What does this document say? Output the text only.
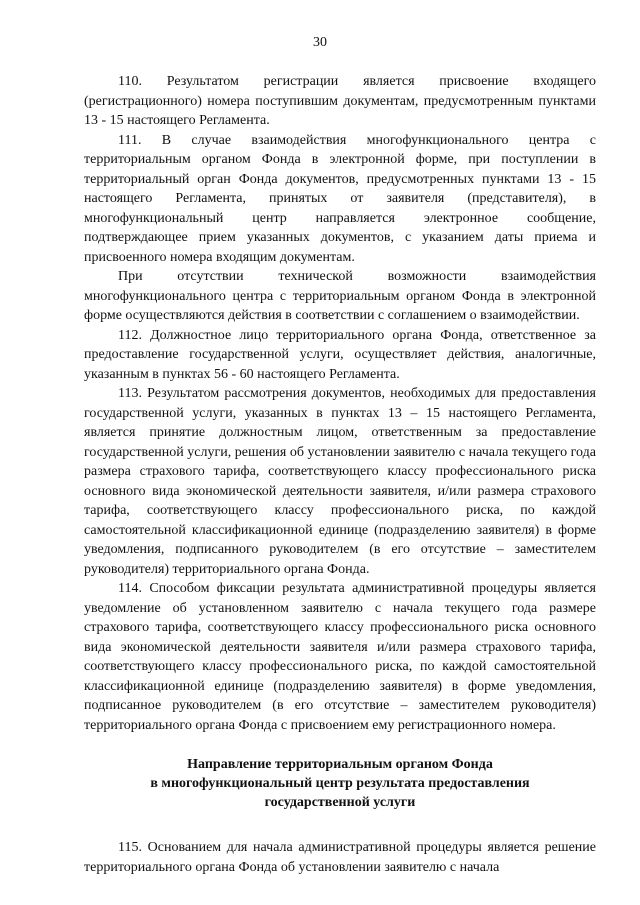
30

110. Результатом регистрации является присвоение входящего (регистрационного) номера поступившим документам, предусмотренным пунктами 13 - 15 настоящего Регламента.

111. В случае взаимодействия многофункционального центра с территориальным органом Фонда в электронной форме, при поступлении в территориальный орган Фонда документов, предусмотренных пунктами 13 - 15 настоящего Регламента, принятых от заявителя (представителя), в многофункциональный центр направляется электронное сообщение, подтверждающее прием указанных документов, с указанием даты приема и присвоенного номера входящим документам.

При отсутствии технической возможности взаимодействия многофункционального центра с территориальным органом Фонда в электронной форме осуществляются действия в соответствии с соглашением о взаимодействии.

112. Должностное лицо территориального органа Фонда, ответственное за предоставление государственной услуги, осуществляет действия, аналогичные, указанным в пунктах 56 - 60 настоящего Регламента.

113. Результатом рассмотрения документов, необходимых для предоставления государственной услуги, указанных в пунктах 13 – 15 настоящего Регламента, является принятие должностным лицом, ответственным за предоставление государственной услуги, решения об установлении заявителю с начала текущего года размера страхового тарифа, соответствующего классу профессионального риска основного вида экономической деятельности заявителя, и/или размера страхового тарифа, соответствующего классу профессионального риска, по каждой самостоятельной классификационной единице (подразделению заявителя) в форме уведомления, подписанного руководителем (в его отсутствие – заместителем руководителя) территориального органа Фонда.

114. Способом фиксации результата административной процедуры является уведомление об установленном заявителю с начала текущего года размере страхового тарифа, соответствующего классу профессионального риска основного вида экономической деятельности заявителя и/или размера страхового тарифа, соответствующего классу профессионального риска, по каждой самостоятельной классификационной единице (подразделению заявителя) в форме уведомления, подписанное руководителем (в его отсутствие – заместителем руководителя) территориального органа Фонда с присвоением ему регистрационного номера.

Направление территориальным органом Фонда
в многофункциональный центр результата предоставления
государственной услуги

115. Основанием для начала административной процедуры является решение территориального органа Фонда об установлении заявителю с начала
